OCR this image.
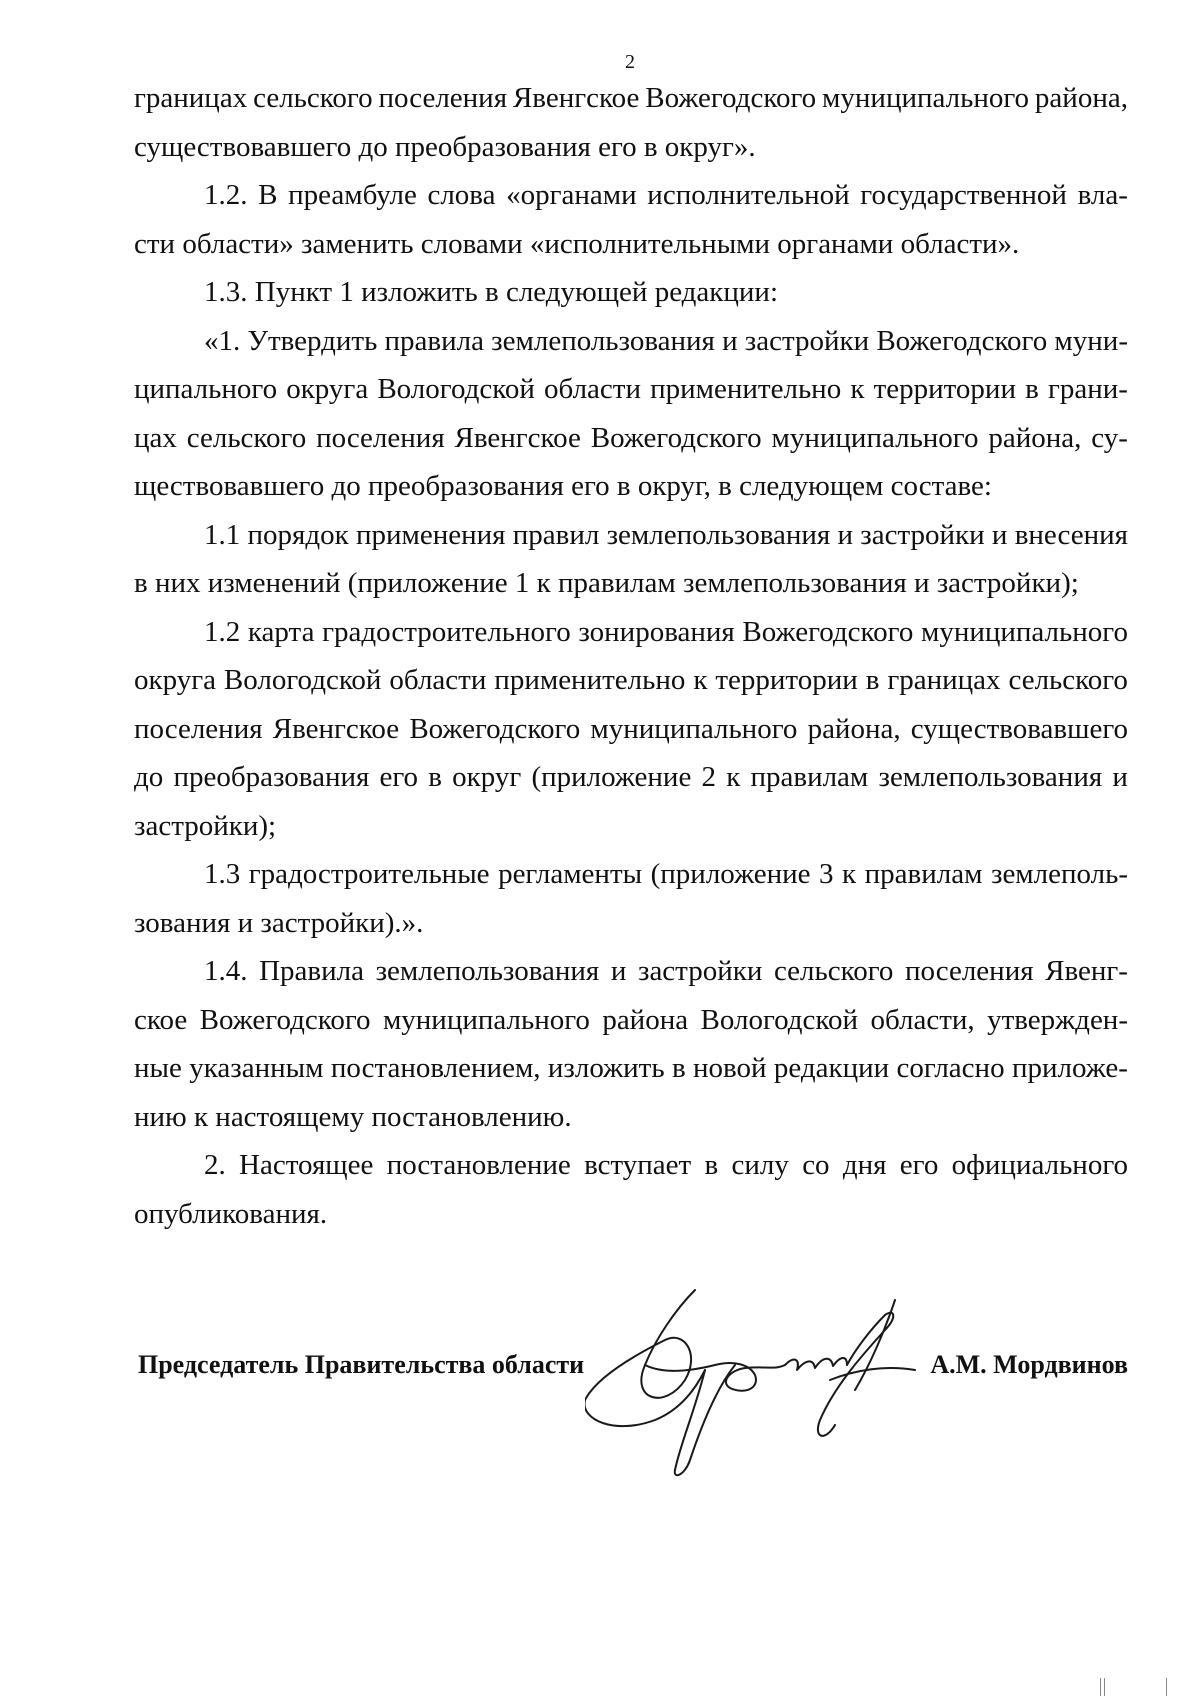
2
границах сельского поселения Явенгское Вожегодского муниципального района,
существовавшего до преобразования его в округ».
1.2. В преамбуле слова «органами исполнительной государственной вла-
сти области» заменить словами «исполнительными органами области».
1.3. Пункт 1 изложить в следующей редакции:
«1. Утвердить правила землепользования и застройки Вожегодского муни-
ципального округа Вологодской области применительно к территории в грани-
цах сельского поселения Явенгское Вожегодского муниципального района, су-
ществовавшего до преобразования его в округ, в следующем составе:
1.1 порядок применения правил землепользования и застройки и внесения
в них изменений (приложение 1 к правилам землепользования и застройки);
1.2 карта градостроительного зонирования Вожегодского муниципального
округа Вологодской области применительно к территории в границах сельского
поселения Явенгское Вожегодского муниципального района, существовавшего
до преобразования его в округ (приложение 2 к правилам землепользования и
застройки);
1.3 градостроительные регламенты (приложение 3 к правилам землеполь-
зования и застройки).».
1.4. Правила землепользования и застройки сельского поселения Явенг-
ское Вожегодского муниципального района Вологодской области, утвержден-
ные указанным постановлением, изложить в новой редакции согласно приложе-
нию к настоящему постановлению.
2. Настоящее постановление вступает в силу со дня его официального
опубликования.
Председатель Правительства области	А.М. Мордвинов
